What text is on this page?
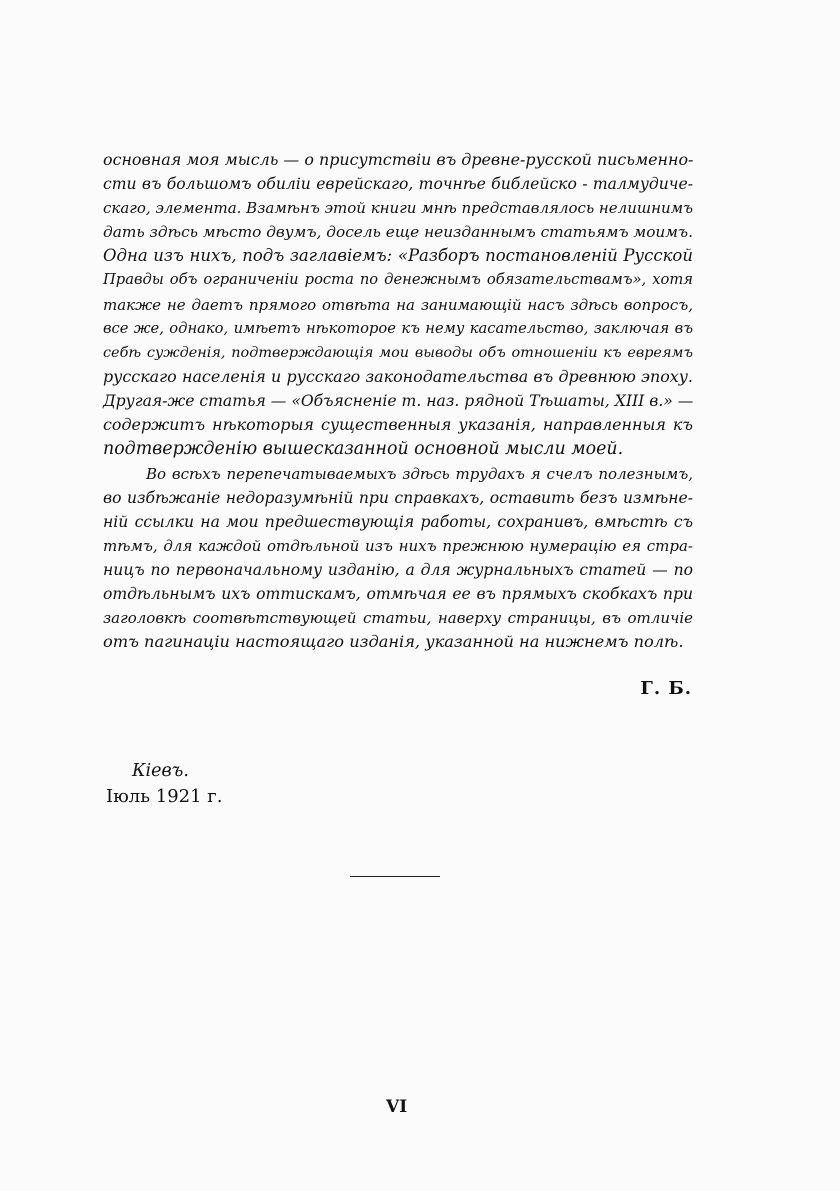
основная моя мысль — о присутствіи въ древне-русской письменно-
сти въ большомъ обиліи еврейскаго, точнѣе библейско - талмудиче-
скаго, элемента. Взамѣнъ этой книги мнѣ представлялось нелишнимъ
дать здѣсь мѣсто двумъ, досель еще неизданнымъ статьямъ моимъ.
Одна изъ нихъ, подъ заглавіемъ: «Разборъ постановленій Русской
Правды объ ограниченіи роста по денежнымъ обязательствамъ», хотя
также не даетъ прямого отвѣта на занимающій насъ здѣсь вопросъ,
все же, однако, имѣетъ нѣкоторое къ нему касательство, заключая въ
себѣ сужденія, подтверждающія мои выводы объ отношеніи къ евреямъ
русскаго населенія и русскаго законодательства въ древнюю эпоху.
Другая-же статья — «Объясненіе т. наз. рядной Тѣшаты, XIII в.» —
содержитъ нѣкоторыя существенныя указанія, направленныя къ
подтвержденію вышесказанной основной мысли моей.
Во всѣхъ перепечатываемыхъ здѣсь трудахъ я счелъ полезнымъ,
во избѣжаніе недоразумѣній при справкахъ, оставить безъ измѣне-
ній ссылки на мои предшествующія работы, сохранивъ, вмѣстѣ съ
тѣмъ, для каждой отдѣльной изъ нихъ прежнюю нумерацію ея стра-
ницъ по первоначальному изданію, а для журнальныхъ статей — по
отдѣльнымъ ихъ оттискамъ, отмѣчая ее въ прямыхъ скобкахъ при
заголовкѣ соотвѣтствующей статьи, наверху страницы, въ отличіе
отъ пагинаціи настоящаго изданія, указанной на нижнемъ полѣ.
Г. Б.
Кіевъ.
Іюль 1921 г.
VI
